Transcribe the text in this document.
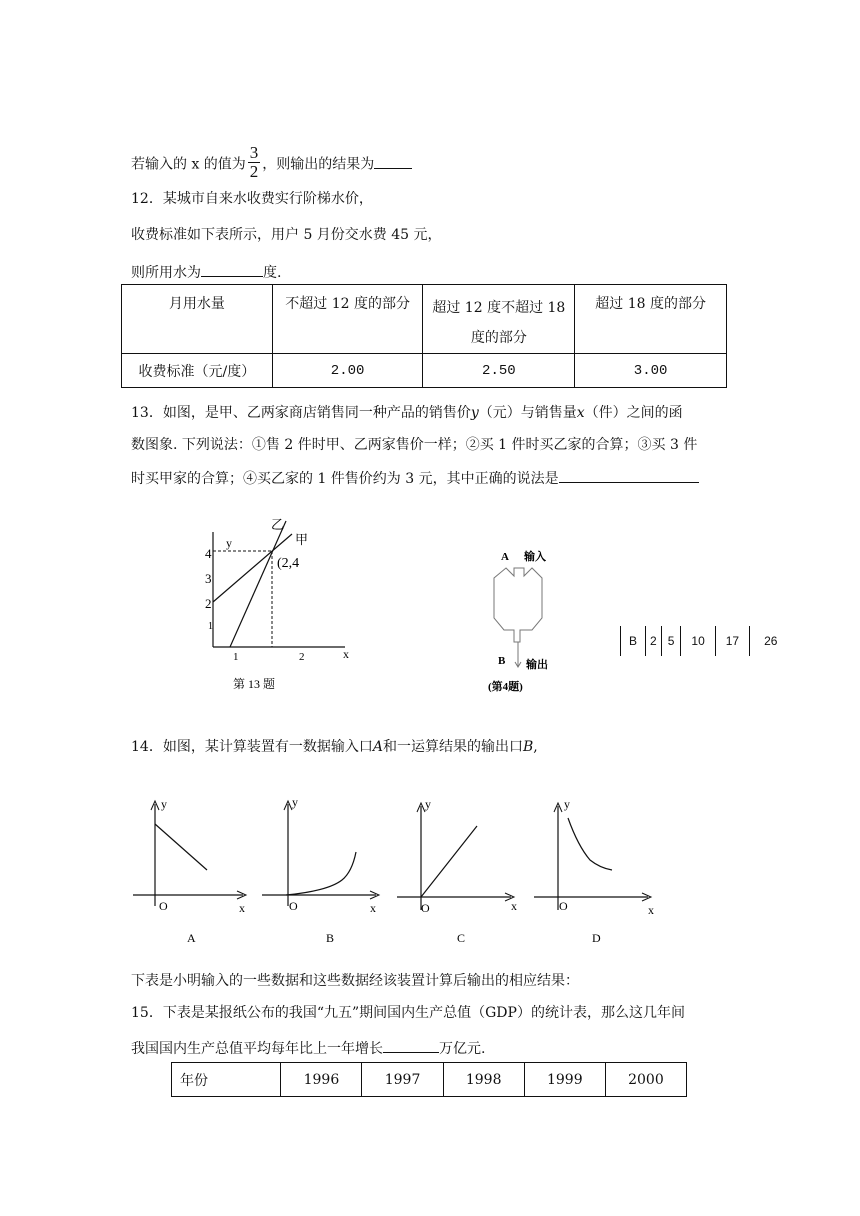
若输入的 x 的值为 $\frac{3}{2}$ ，则输出的结果为
12．某城市自来水收费实行阶梯水价，
收费标准如下表所示，用户 5 月份交水费 45 元，
则所用水为	度.
月用水量	不超过 12 度的部分	超过 12 度不超过 18
度的部分	超过 18 度的部分
收费标准（元/度）	2.00	2.50	3.00
13．如图，是甲、乙两家商店销售同一种产品的销售价y（元）与销售量x（件）之间的函
数图象. 下列说法：①售 2 件时甲、乙两家售价一样；②买 1 件时买乙家的合算；③买 3 件
时买甲家的合算；④买乙家的 1 件售价约为 3 元，其中正确的说法是
y
x
4
3
2
1
1	2
乙
甲
(2,4
第 13 题
A 输入
B 输出
(第4题)
B	2 5	10	17	26
14．如图，某计算装置有一数据输入口A和一运算结果的输出口B,
y
x
O
A
y
x
O
B
y
x
O
C
y
x
O
D
下表是小明输入的一些数据和这些数据经该装置计算后输出的相应结果：
15．下表是某报纸公布的我国“九五”期间国内生产总值（GDP）的统计表，那么这几年间
我国国内生产总值平均每年比上一年增长	万亿元.
年份	1996	1997	1998	1999	2000
